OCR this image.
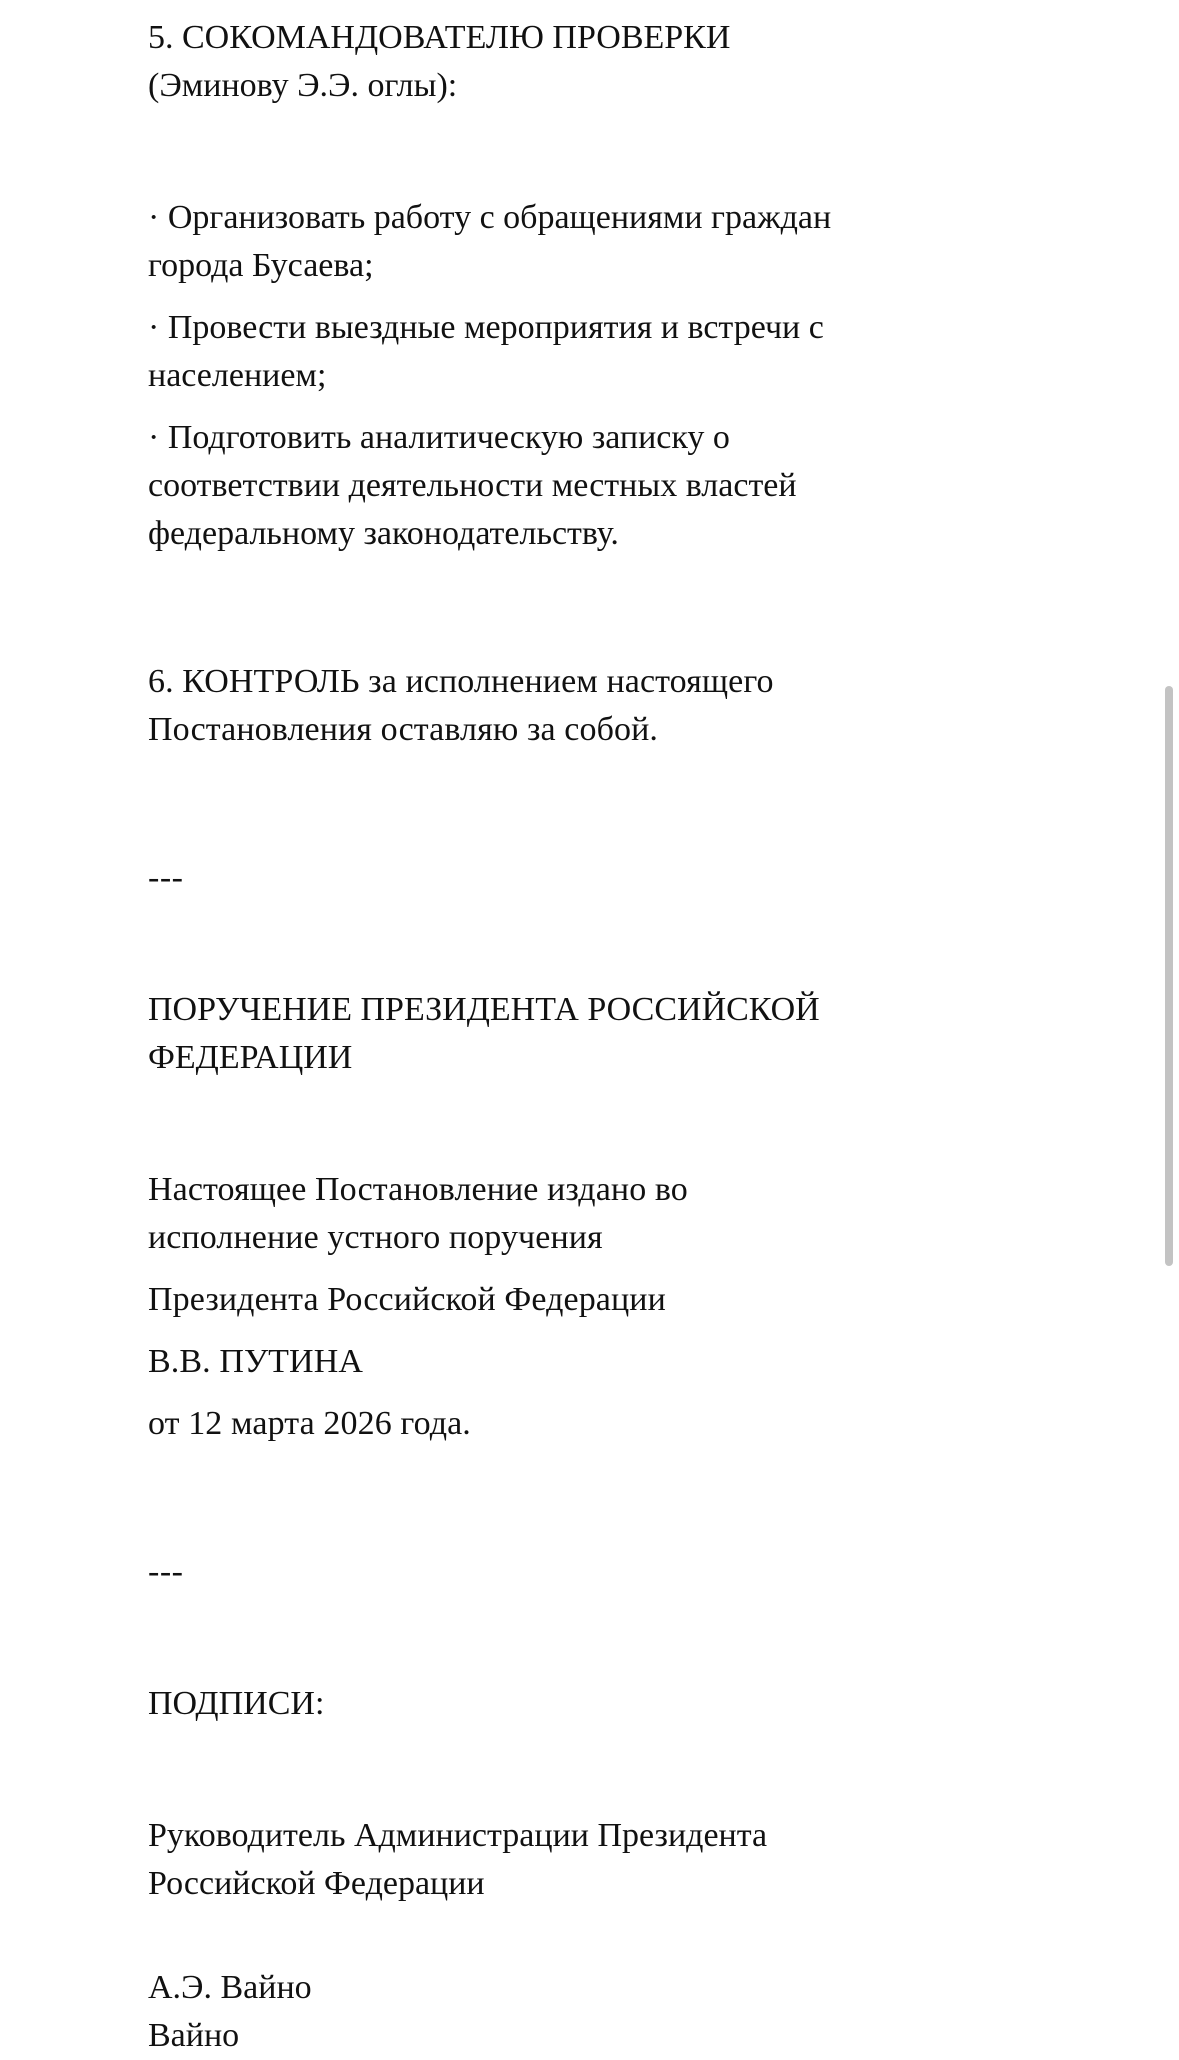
5. СОКОМАНДОВАТЕЛЮ ПРОВЕРКИ (Эминову Э.Э. оглы):

· Организовать работу с обращениями граждан города Бусаева;

· Провести выездные мероприятия и встречи с населением;

· Подготовить аналитическую записку о соответствии деятельности местных властей федеральному законодательству.

6. КОНТРОЛЬ за исполнением настоящего Постановления оставляю за собой.

---

ПОРУЧЕНИЕ ПРЕЗИДЕНТА РОССИЙСКОЙ ФЕДЕРАЦИИ

Настоящее Постановление издано во исполнение устного поручения

Президента Российской Федерации

В.В. ПУТИНА

от 12 марта 2026 года.

---

ПОДПИСИ:

Руководитель Администрации Президента

Российской Федерации

А.Э. Вайно

Вайно
